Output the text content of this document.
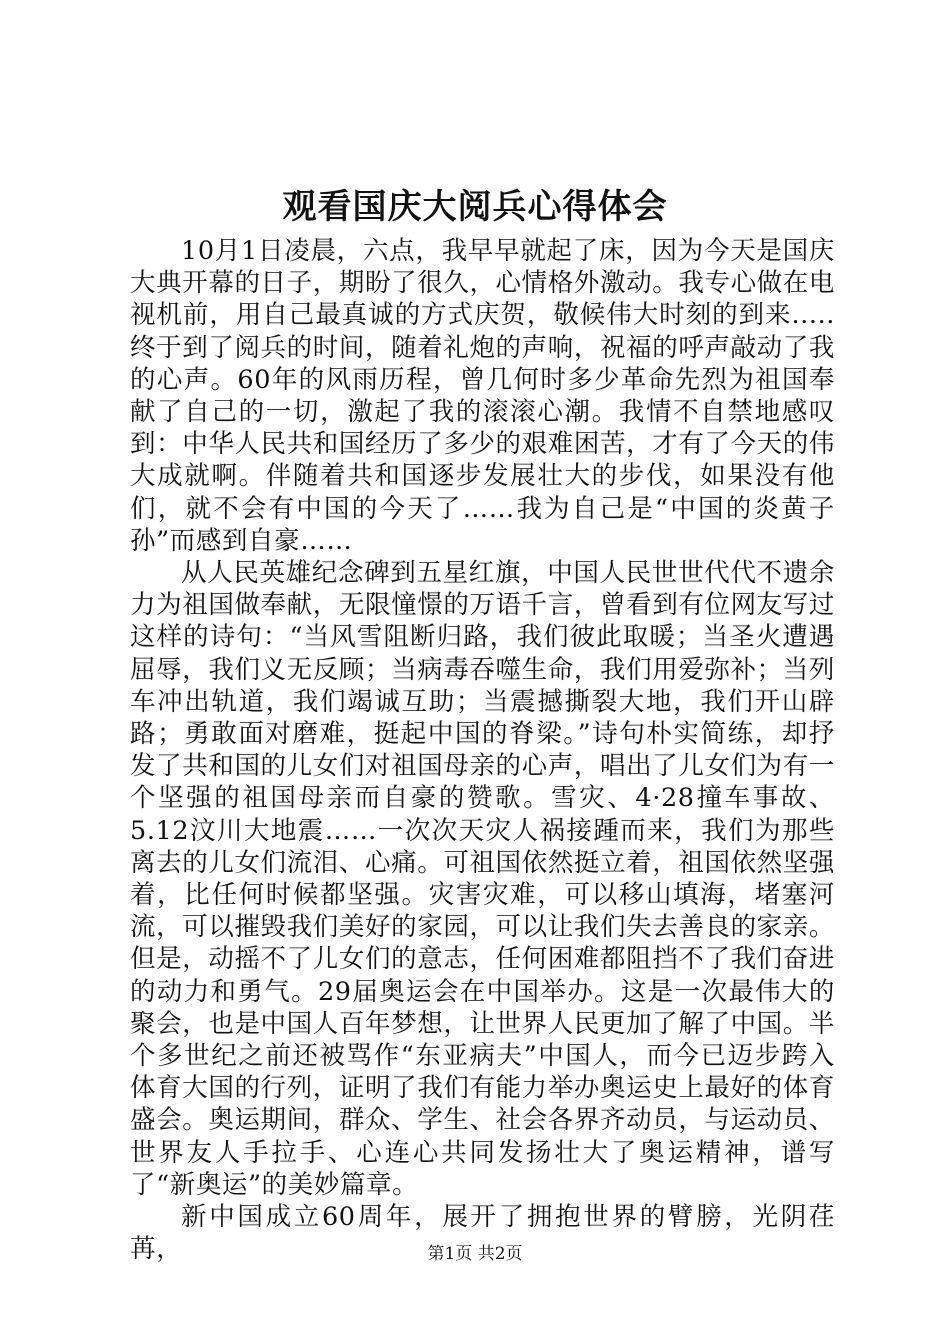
观看国庆大阅兵心得体会

10月1日凌晨，六点，我早早就起了床，因为今天是国庆大典开幕的日子，期盼了很久，心情格外激动。我专心做在电视机前，用自己最真诚的方式庆贺，敬候伟大时刻的到来.....终于到了阅兵的时间，随着礼炮的声响，祝福的呼声敲动了我的心声。60年的风雨历程，曾几何时多少革命先烈为祖国奉献了自己的一切，激起了我的滚滚心潮。我情不自禁地感叹到：中华人民共和国经历了多少的艰难困苦，才有了今天的伟大成就啊。伴随着共和国逐步发展壮大的步伐，如果没有他们，就不会有中国的今天了……我为自己是“中国的炎黄子孙”而感到自豪……

从人民英雄纪念碑到五星红旗，中国人民世世代代不遗余力为祖国做奉献，无限憧憬的万语千言，曾看到有位网友写过这样的诗句：“当风雪阻断归路，我们彼此取暖；当圣火遭遇屈辱，我们义无反顾；当病毒吞噬生命，我们用爱弥补；当列车冲出轨道，我们竭诚互助；当震撼撕裂大地，我们开山辟路；勇敢面对磨难，挺起中国的脊梁。”诗句朴实简练，却抒发了共和国的儿女们对祖国母亲的心声，唱出了儿女们为有一个坚强的祖国母亲而自豪的赞歌。雪灾、4·28撞车事故、5.12汶川大地震……一次次天灾人祸接踵而来，我们为那些离去的儿女们流泪、心痛。可祖国依然挺立着，祖国依然坚强着，比任何时候都坚强。灾害灾难，可以移山填海，堵塞河流，可以摧毁我们美好的家园，可以让我们失去善良的家亲。但是，动摇不了儿女们的意志，任何困难都阻挡不了我们奋进的动力和勇气。29届奥运会在中国举办。这是一次最伟大的聚会，也是中国人百年梦想，让世界人民更加了解了中国。半个多世纪之前还被骂作“东亚病夫”中国人，而今已迈步跨入体育大国的行列，证明了我们有能力举办奥运史上最好的体育盛会。奥运期间，群众、学生、社会各界齐动员，与运动员、世界友人手拉手、心连心共同发扬壮大了奥运精神，谱写了“新奥运”的美妙篇章。

新中国成立60周年，展开了拥抱世界的臂膀，光阴荏苒，	第1页 共2页
